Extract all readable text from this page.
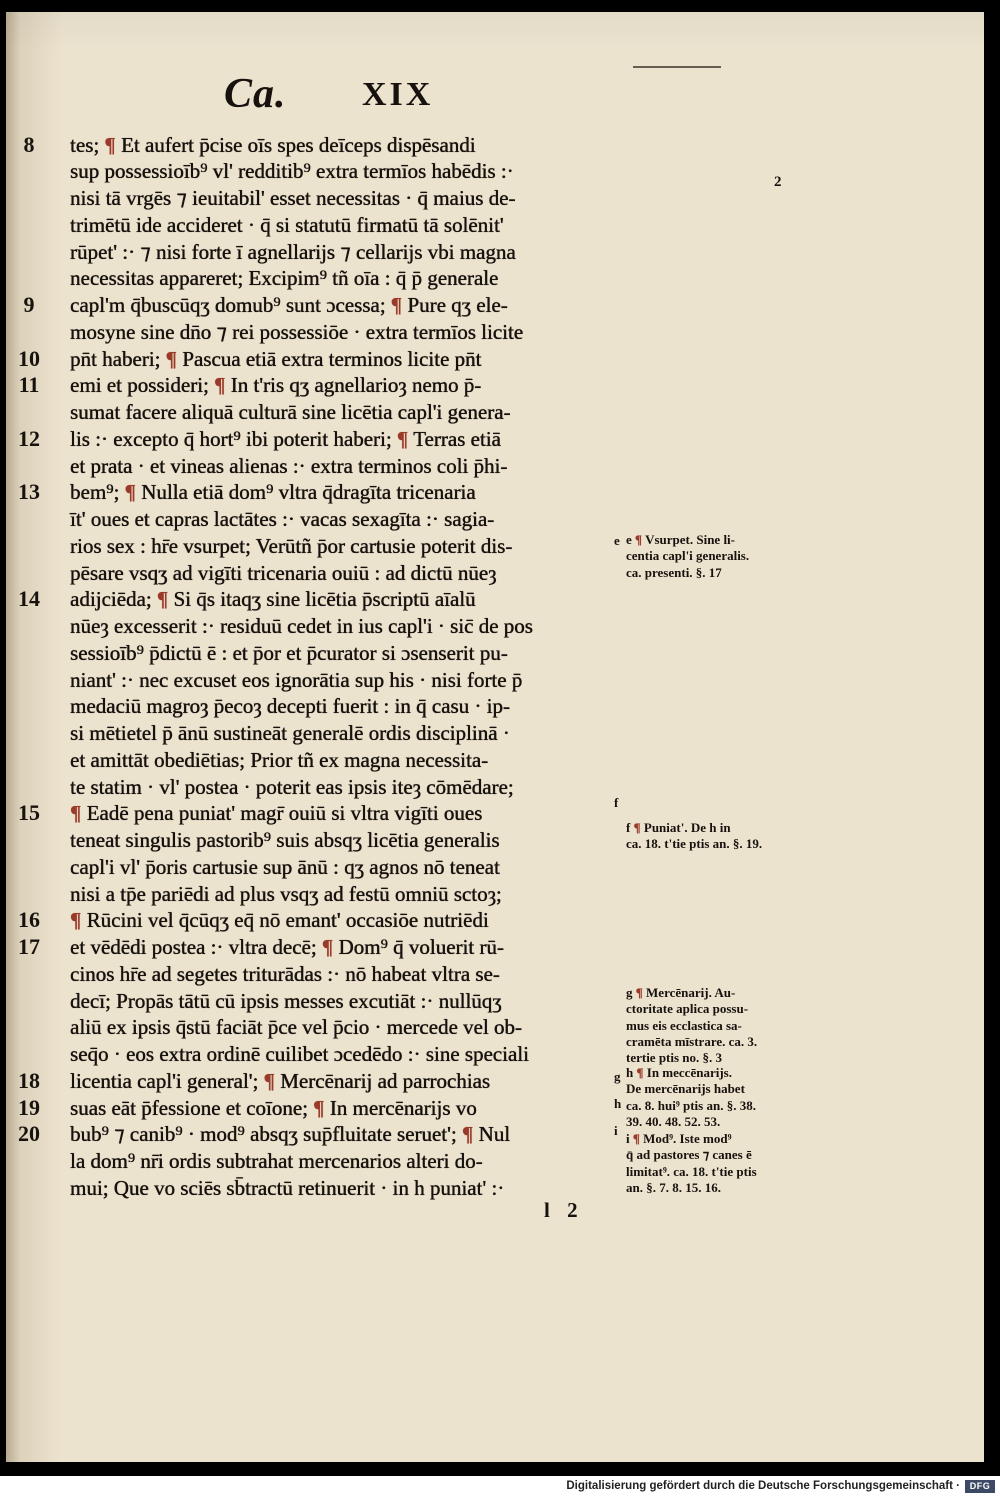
Ca. XIX
2
8
9
10
11
12
13
14
15
16
17
18
19
20
tes; ¶ Et aufert p̄cise oīs spes deīceps dispēsandi
sup possessioīb⁹ vl' redditib⁹ extra termīos habēdis :·
nisi tā vrgēs ⁊ ieuitabil' esset necessitas · q̄ maius de-
trimētū ide accideret · q̄ si statutū firmatū tā solēnit'
rūpet' :· ⁊ nisi forte ī agnellarijs ⁊ cellarijs vbi magna
necessitas appareret; Excipim⁹ tñ oīa : q̄ p̄ generale
capl'm q̄buscūqʒ domub⁹ sunt ɔcessa; ¶ Pure qʒ ele-
mosyne sine dn̄o ⁊ rei possessiōe · extra termīos licite
pn̄t haberi; ¶ Pascua etiā extra terminos licite pn̄t
emi et possideri; ¶ In t'ris qʒ agnellarioȝ nemo p̄-
sumat facere aliquā culturā sine licētia capl'i genera-
lis :· excepto q̄ hort⁹ ibi poterit haberi; ¶ Terras etiā
et prata · et vineas alienas :· extra terminos coli p̄hi-
bem⁹; ¶ Nulla etiā dom⁹ vltra q̄dragīta tricenaria
īt' oues et capras lactātes :· vacas sexagīta :· sagia-
rios sex : hr̄e vsurpet; Verūtñ p̄or cartusie poterit dis-
pēsare vsqʒ ad vigīti tricenaria ouiū : ad dictū nūeȝ
adijciēda; ¶ Si q̄s itaqʒ sine licētia p̄scriptū aīalū
nūeȝ excesserit :· residuū cedet in ius capl'i · sic̄ de pos
sessioīb⁹ p̄dictū ē : et p̄or et p̄curator si ɔsenserit pu-
niant' :· nec excuset eos ignorātia sup his · nisi forte p̄
medaciū magroȝ p̄ecoȝ decepti fuerit : in q̄ casu · ip-
si mētietel p̄ ānū sustineāt generalē ordis disciplinā ·
et amittāt obediētias; Prior tñ ex magna necessita-
te statim · vl' postea · poterit eas ipsis iteȝ cōmēdare;
¶ Eadē pena puniat' magr̄ ouiū si vltra vigīti oues
teneat singulis pastorib⁹ suis absqʒ licētia generalis
capl'i vl' p̄oris cartusie sup ānū : qʒ agnos nō teneat
nisi a tp̄e pariēdi ad plus vsqʒ ad festū omniū sctoȝ;
¶ Rūcini vel q̄cūqʒ eq̄ nō emant' occasiōe nutriēdi
et vēdēdi postea :· vltra decē; ¶ Dom⁹ q̄ voluerit rū-
cinos hr̄e ad segetes triturādas :· nō habeat vltra se-
decī; Propās tātū cū ipsis messes excutiāt :· nullūqʒ
aliū ex ipsis q̄stū faciāt p̄ce vel p̄cio · mercede vel ob-
seq̄o · eos extra ordinē cuilibet ɔcedēdo :· sine speciali
licentia capl'i general'; ¶ Mercēnarij ad parrochias
suas eāt p̄fessione et coīone; ¶ In mercēnarijs vo
bub⁹ ⁊ canib⁹ · mod⁹ absqʒ sup̄fluitate seruet'; ¶ Nul
la dom⁹ nr̄i ordis subtrahat mercenarios alteri do-
mui; Que vo sciēs sb̄tractū retinuerit · in h puniat' :·
e
f
g
h
i
e ¶ Vsurpet. Sine li-
centia capl'i generalis.
ca. presenti. §. 17
f ¶ Puniat'. De h in
ca. 18. t'tie ptis an. §. 19.
g ¶ Mercēnarij. Au-
ctoritate aplica possu-
mus eis ecclastica sa-
cramēta mīstrare. ca. 3.
tertie ptis no. §. 3
h ¶ In meccēnarijs.
De mercēnarijs habet
ca. 8. hui⁹ ptis an. §. 38.
39. 40. 48. 52. 53.
i ¶ Mod⁹. Iste mod⁹
q̄ ad pastores ⁊ canes ē
limitat⁹. ca. 18. t'tie ptis
an. §. 7. 8. 15. 16.
l 2
Digitalisierung gefördert durch die Deutsche Forschungsgemeinschaft ·	DFG
